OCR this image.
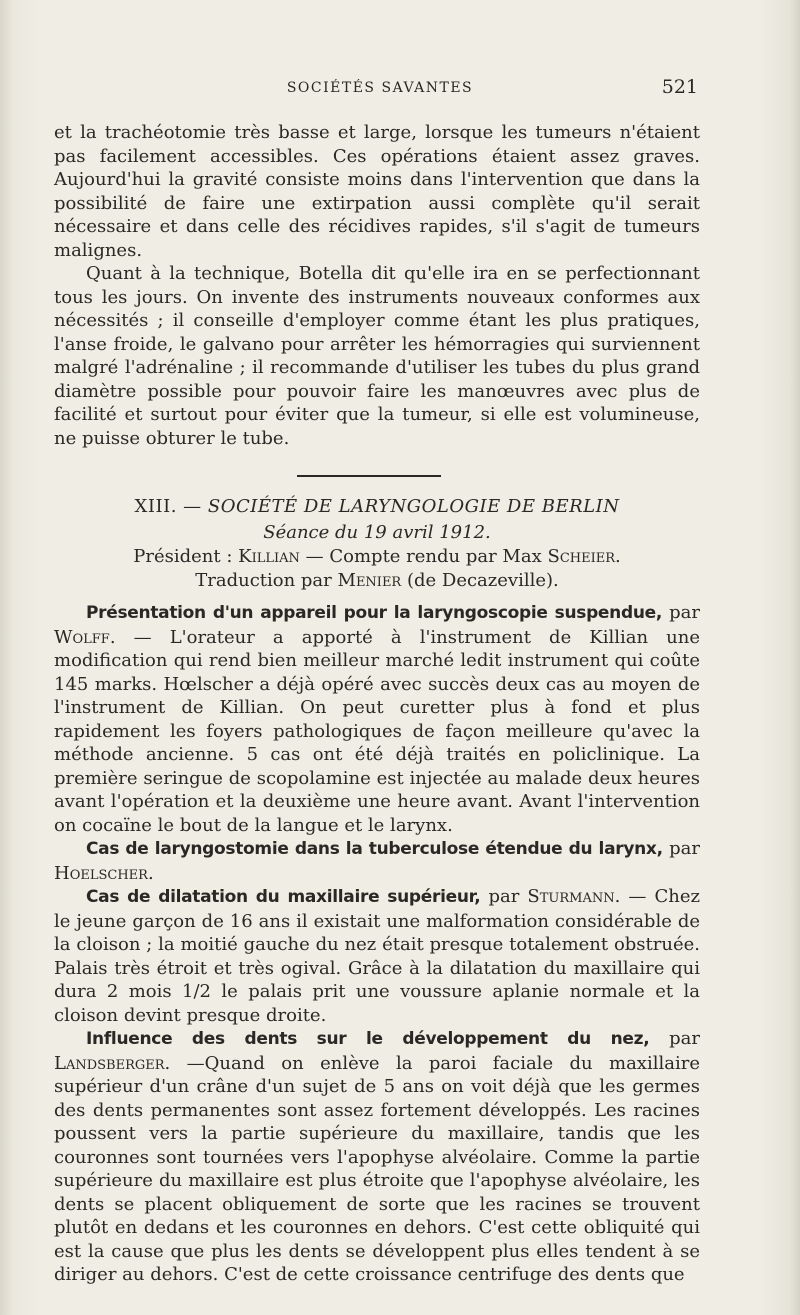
SOCIÉTÉS SAVANTES	521

et la trachéotomie très basse et large, lorsque les tumeurs n'étaient pas facilement accessibles. Ces opérations étaient assez graves. Aujourd'hui la gravité consiste moins dans l'intervention que dans la possibilité de faire une extirpation aussi complète qu'il serait nécessaire et dans celle des récidives rapides, s'il s'agit de tumeurs malignes.

Quant à la technique, Botella dit qu'elle ira en se perfectionnant tous les jours. On invente des instruments nouveaux conformes aux nécessités ; il conseille d'employer comme étant les plus pratiques, l'anse froide, le galvano pour arrêter les hémorragies qui surviennent malgré l'adrénaline ; il recommande d'utiliser les tubes du plus grand diamètre possible pour pouvoir faire les manœuvres avec plus de facilité et surtout pour éviter que la tumeur, si elle est volumineuse, ne puisse obturer le tube.

XIII. — SOCIÉTÉ DE LARYNGOLOGIE DE BERLIN
Séance du 19 avril 1912.

Président : Killian — Compte rendu par Max Scheier.

Traduction par Menier (de Decazeville).

Présentation d'un appareil pour la laryngoscopie suspendue, par Wolff. — L'orateur a apporté à l'instrument de Killian une modification qui rend bien meilleur marché ledit instrument qui coûte 145 marks. Hœlscher a déjà opéré avec succès deux cas au moyen de l'instrument de Killian. On peut curetter plus à fond et plus rapidement les foyers pathologiques de façon meilleure qu'avec la méthode ancienne. 5 cas ont été déjà traités en policlinique. La première seringue de scopolamine est injectée au malade deux heures avant l'opération et la deuxième une heure avant. Avant l'intervention on cocaïne le bout de la langue et le larynx.

Cas de laryngostomie dans la tuberculose étendue du larynx, par Hoelscher.

Cas de dilatation du maxillaire supérieur, par Sturmann. — Chez le jeune garçon de 16 ans il existait une malformation considérable de la cloison ; la moitié gauche du nez était presque totalement obstruée. Palais très étroit et très ogival. Grâce à la dilatation du maxillaire qui dura 2 mois 1/2 le palais prit une voussure aplanie normale et la cloison devint presque droite.

Influence des dents sur le développement du nez, par Landsberger. —Quand on enlève la paroi faciale du maxillaire supérieur d'un crâne d'un sujet de 5 ans on voit déjà que les germes des dents permanentes sont assez fortement développés. Les racines poussent vers la partie supérieure du maxillaire, tandis que les couronnes sont tournées vers l'apophyse alvéolaire. Comme la partie supérieure du maxillaire est plus étroite que l'apophyse alvéolaire, les dents se placent obliquement de sorte que les racines se trouvent plutôt en dedans et les couronnes en dehors. C'est cette obliquité qui est la cause que plus les dents se développent plus elles tendent à se diriger au dehors. C'est de cette croissance centrifuge des dents que
